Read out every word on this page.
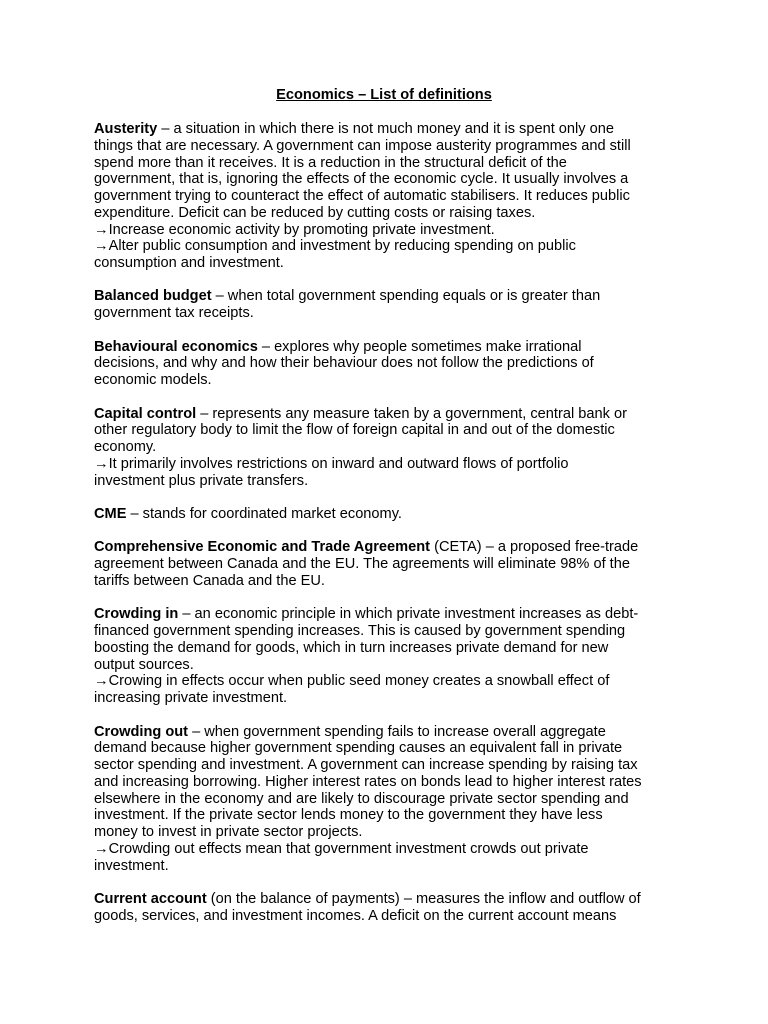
Economics – List of definitions
Austerity – a situation in which there is not much money and it is spent only one
things that are necessary. A government can impose austerity programmes and still
spend more than it receives. It is a reduction in the structural deficit of the
government, that is, ignoring the effects of the economic cycle. It usually involves a
government trying to counteract the effect of automatic stabilisers. It reduces public
expenditure. Deficit can be reduced by cutting costs or raising taxes.
→Increase economic activity by promoting private investment.
→Alter public consumption and investment by reducing spending on public
consumption and investment.
Balanced budget – when total government spending equals or is greater than
government tax receipts.
Behavioural economics – explores why people sometimes make irrational
decisions, and why and how their behaviour does not follow the predictions of
economic models.
Capital control – represents any measure taken by a government, central bank or
other regulatory body to limit the flow of foreign capital in and out of the domestic
economy.
→It primarily involves restrictions on inward and outward flows of portfolio
investment plus private transfers.
CME – stands for coordinated market economy.
Comprehensive Economic and Trade Agreement (CETA) – a proposed free-trade
agreement between Canada and the EU. The agreements will eliminate 98% of the
tariffs between Canada and the EU.
Crowding in – an economic principle in which private investment increases as debt-
financed government spending increases. This is caused by government spending
boosting the demand for goods, which in turn increases private demand for new
output sources.
→Crowing in effects occur when public seed money creates a snowball effect of
increasing private investment.
Crowding out – when government spending fails to increase overall aggregate
demand because higher government spending causes an equivalent fall in private
sector spending and investment. A government can increase spending by raising tax
and increasing borrowing. Higher interest rates on bonds lead to higher interest rates
elsewhere in the economy and are likely to discourage private sector spending and
investment. If the private sector lends money to the government they have less
money to invest in private sector projects.
→Crowding out effects mean that government investment crowds out private
investment.
Current account (on the balance of payments) – measures the inflow and outflow of
goods, services, and investment incomes. A deficit on the current account means
